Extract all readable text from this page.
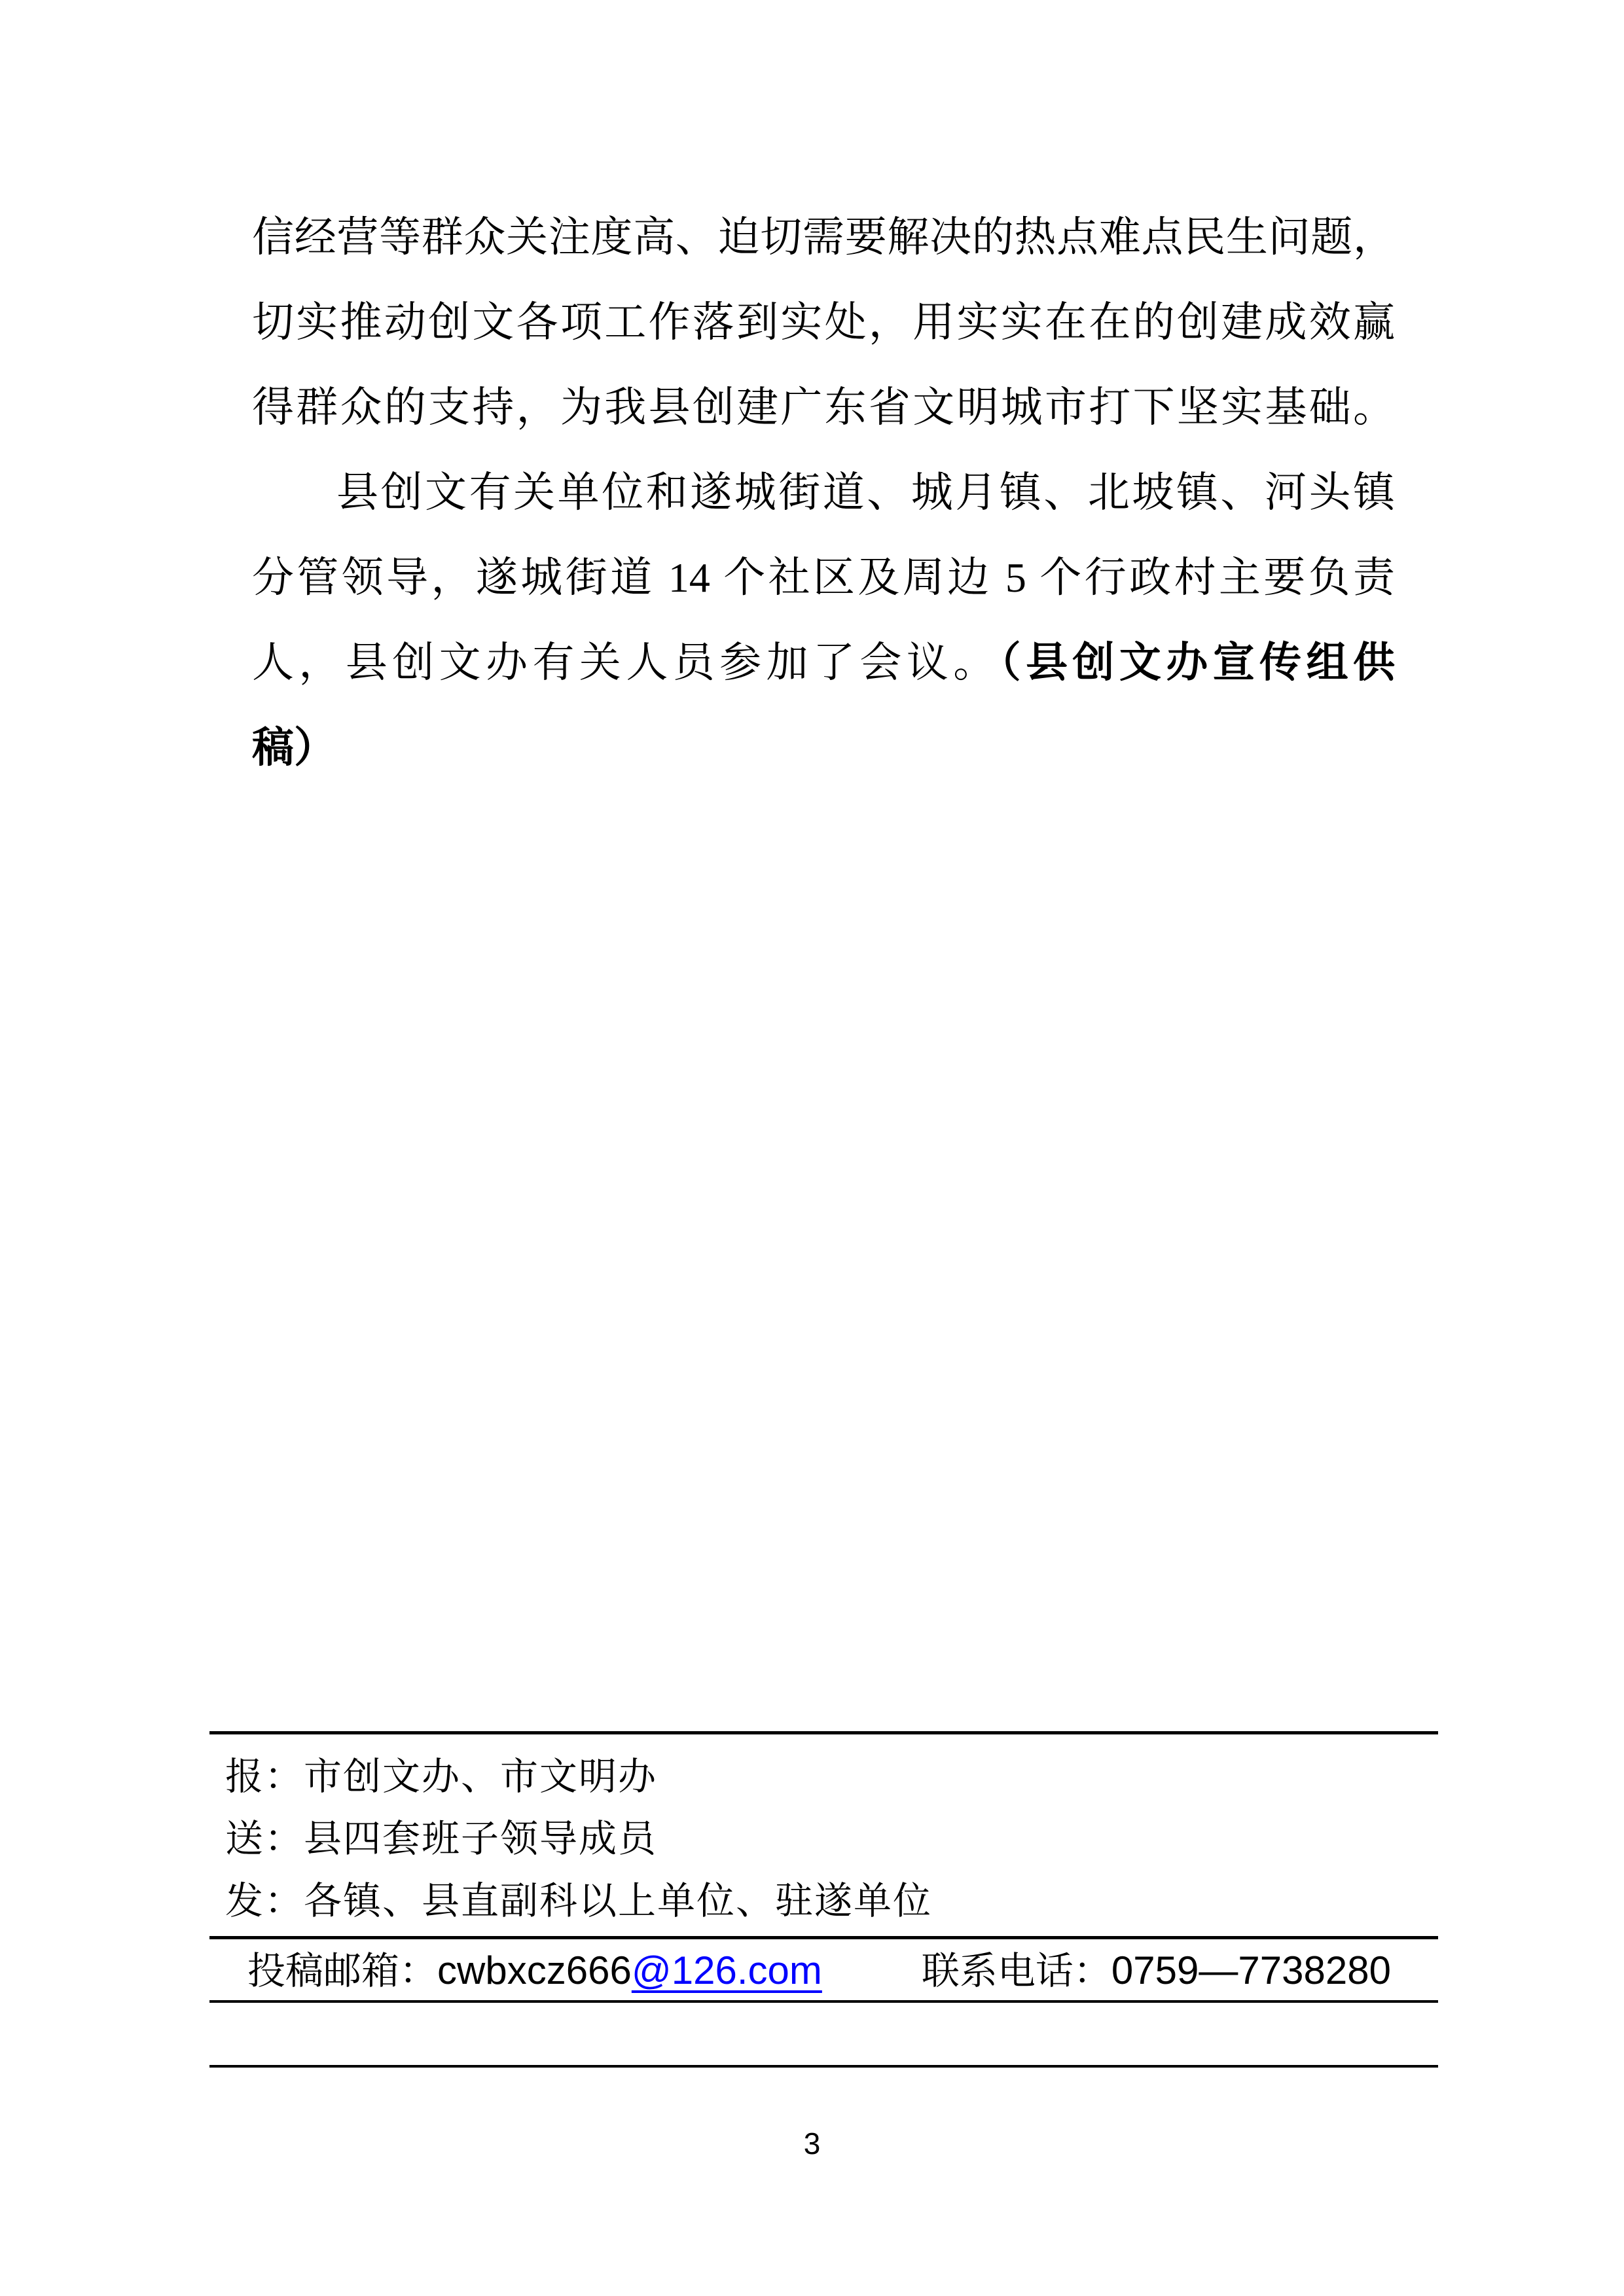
信经营等群众关注度高、迫切需要解决的热点难点民生问题，
切实推动创文各项工作落到实处，用实实在在的创建成效赢
得群众的支持，为我县创建广东省文明城市打下坚实基础。
县创文有关单位和遂城街道、城月镇、北坡镇、河头镇
分管领导，遂城街道 14 个社区及周边 5 个行政村主要负责
人，县创文办有关人员参加了会议。（县创文办宣传组供
稿）
报：市创文办、市文明办
送：县四套班子领导成员
发：各镇、县直副科以上单位、驻遂单位
投稿邮箱：cwbxcz666@126.com	联系电话：0759—7738280
3
